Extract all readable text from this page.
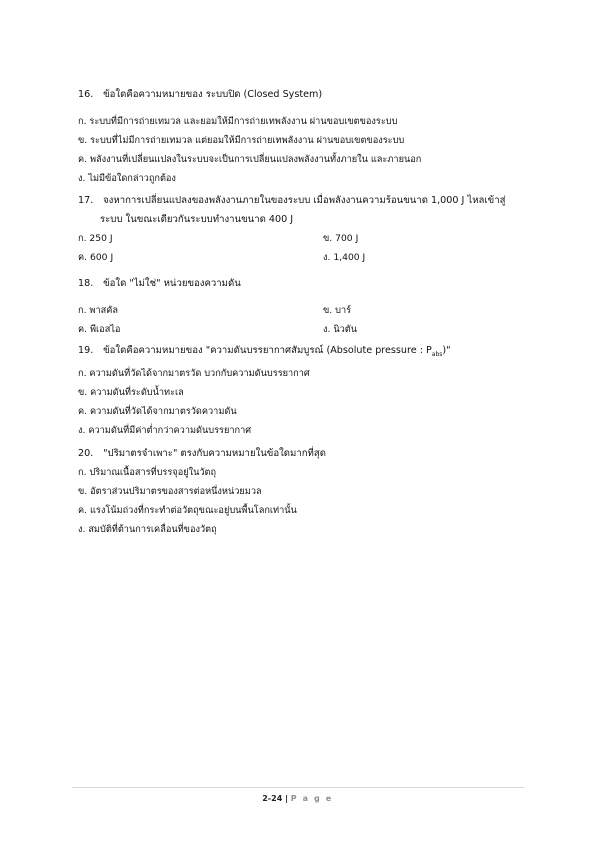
16. ข้อใดคือความหมายของ ระบบปิด (Closed System)
ก. ระบบที่มีการถ่ายเทมวล และยอมให้มีการถ่ายเทพลังงาน ผ่านขอบเขตของระบบ
ข. ระบบที่ไม่มีการถ่ายเทมวล แต่ยอมให้มีการถ่ายเทพลังงาน ผ่านขอบเขตของระบบ
ค. พลังงานที่เปลี่ยนแปลงในระบบจะเป็นการเปลี่ยนแปลงพลังงานทั้งภายใน และภายนอก
ง. ไม่มีข้อใดกล่าวถูกต้อง
17. จงหาการเปลี่ยนแปลงของพลังงานภายในของระบบ เมื่อพลังงานความร้อนขนาด 1,000 J ไหลเข้าสู่
ระบบ ในขณะเดียวกันระบบทำงานขนาด 400 J
ก. 250 J	ข. 700 J
ค. 600 J	ง. 1,400 J
18. ข้อใด "ไม่ใช่" หน่วยของความดัน
ก. พาสคัล	ข. บาร์
ค. พีเอสไอ	ง. นิวตัน
19. ข้อใดคือความหมายของ "ความดันบรรยากาศสัมบูรณ์ (Absolute pressure : $P_{abs}$)"
ก. ความดันที่วัดได้จากมาตรวัด บวกกับความดันบรรยากาศ
ข. ความดันที่ระดับน้ำทะเล
ค. ความดันที่วัดได้จากมาตรวัดความดัน
ง. ความดันที่มีค่าต่ำกว่าความดันบรรยากาศ
20. "ปริมาตรจำเพาะ" ตรงกับความหมายในข้อใดมากที่สุด
ก. ปริมาณเนื้อสารที่บรรจุอยู่ในวัตถุ
ข. อัตราส่วนปริมาตรของสารต่อหนึ่งหน่วยมวล
ค. แรงโน้มถ่วงที่กระทำต่อวัตถุขณะอยู่บนพื้นโลกเท่านั้น
ง. สมบัติที่ต้านการเคลื่อนที่ของวัตถุ
2-24 | P a g e
